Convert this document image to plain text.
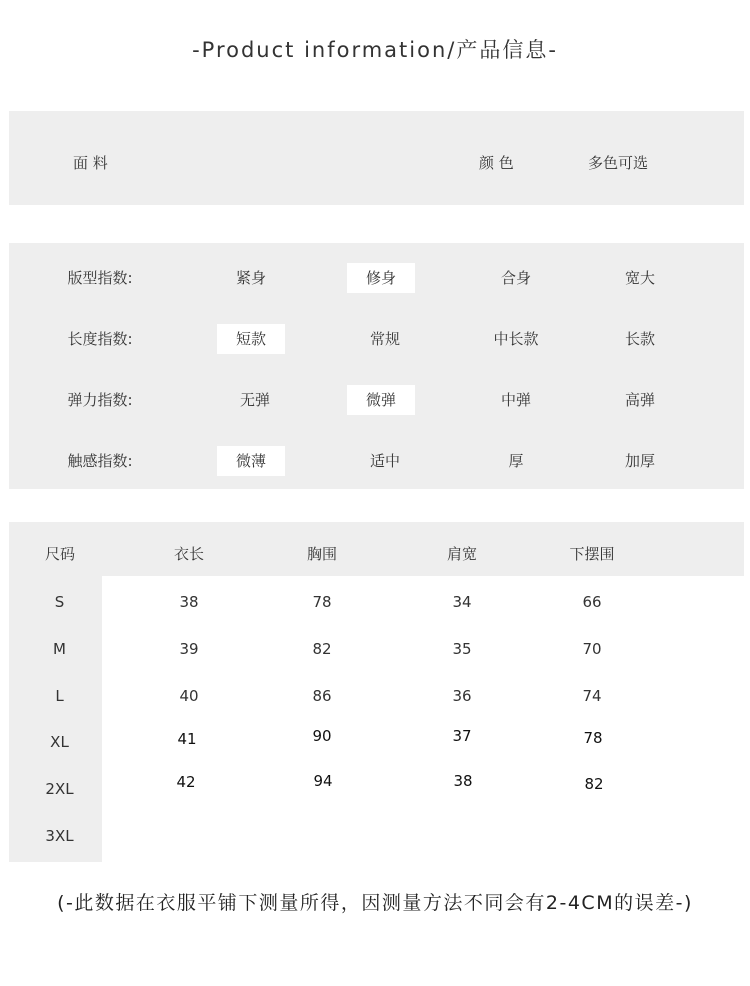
-Product information/产品信息-
面 料	颜 色	多色可选
版型指数:	紧身	修身	合身	宽大
长度指数:	短款	常规	中长款	长款
弹力指数:	无弹	微弹	中弹	高弹
触感指数:	微薄	适中	厚	加厚
尺码	衣长	胸围	肩宽	下摆围
S	38	78	34	66
M	39	82	35	70
L	40	86	36	74
XL	41	90	37	78
2XL	42	94	38	82
3XL
(-此数据在衣服平铺下测量所得，因测量方法不同会有2-4CM的误差-)
